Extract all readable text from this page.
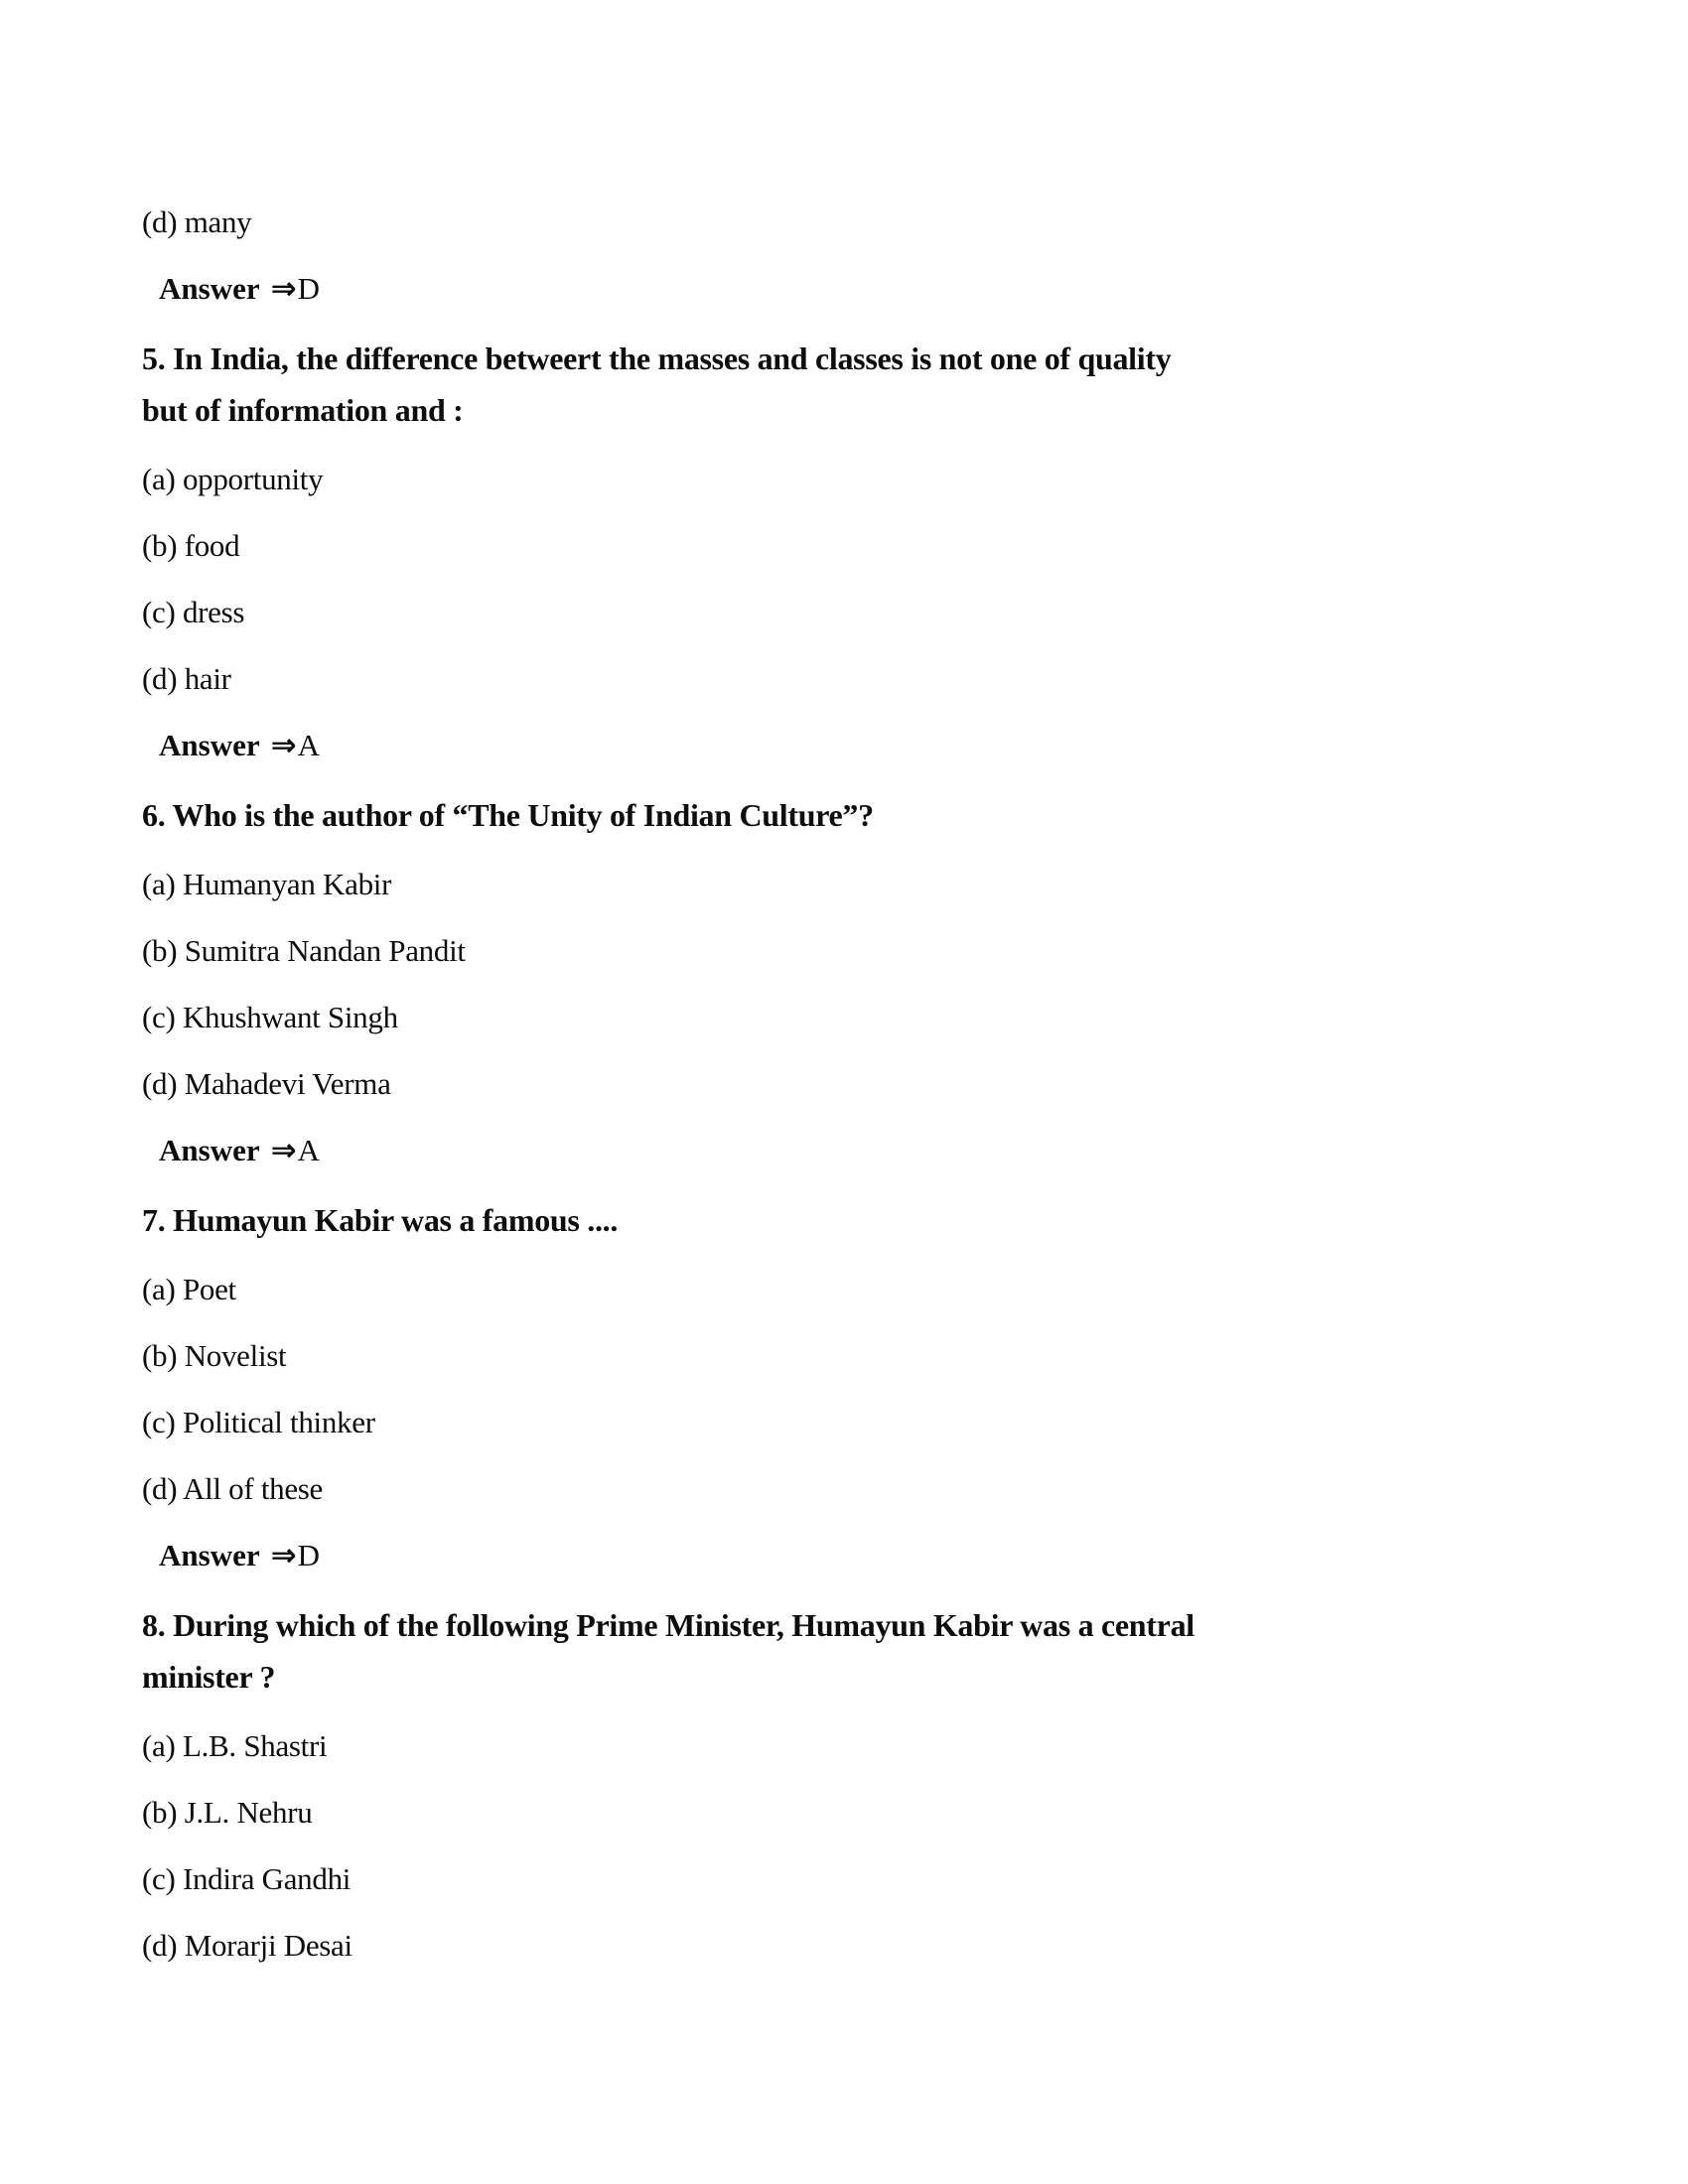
(d) many

Answer ⇒D

5. In India, the difference betweert the masses and classes is not one of quality
but of information and :

(a) opportunity

(b) food

(c) dress

(d) hair

Answer ⇒A

6. Who is the author of “The Unity of Indian Culture”?

(a) Humanyan Kabir

(b) Sumitra Nandan Pandit

(c) Khushwant Singh

(d) Mahadevi Verma

Answer ⇒A

7. Humayun Kabir was a famous ....

(a) Poet

(b) Novelist

(c) Political thinker

(d) All of these

Answer ⇒D

8. During which of the following Prime Minister, Humayun Kabir was a central
minister ?

(a) L.B. Shastri

(b) J.L. Nehru

(c) Indira Gandhi

(d) Morarji Desai
